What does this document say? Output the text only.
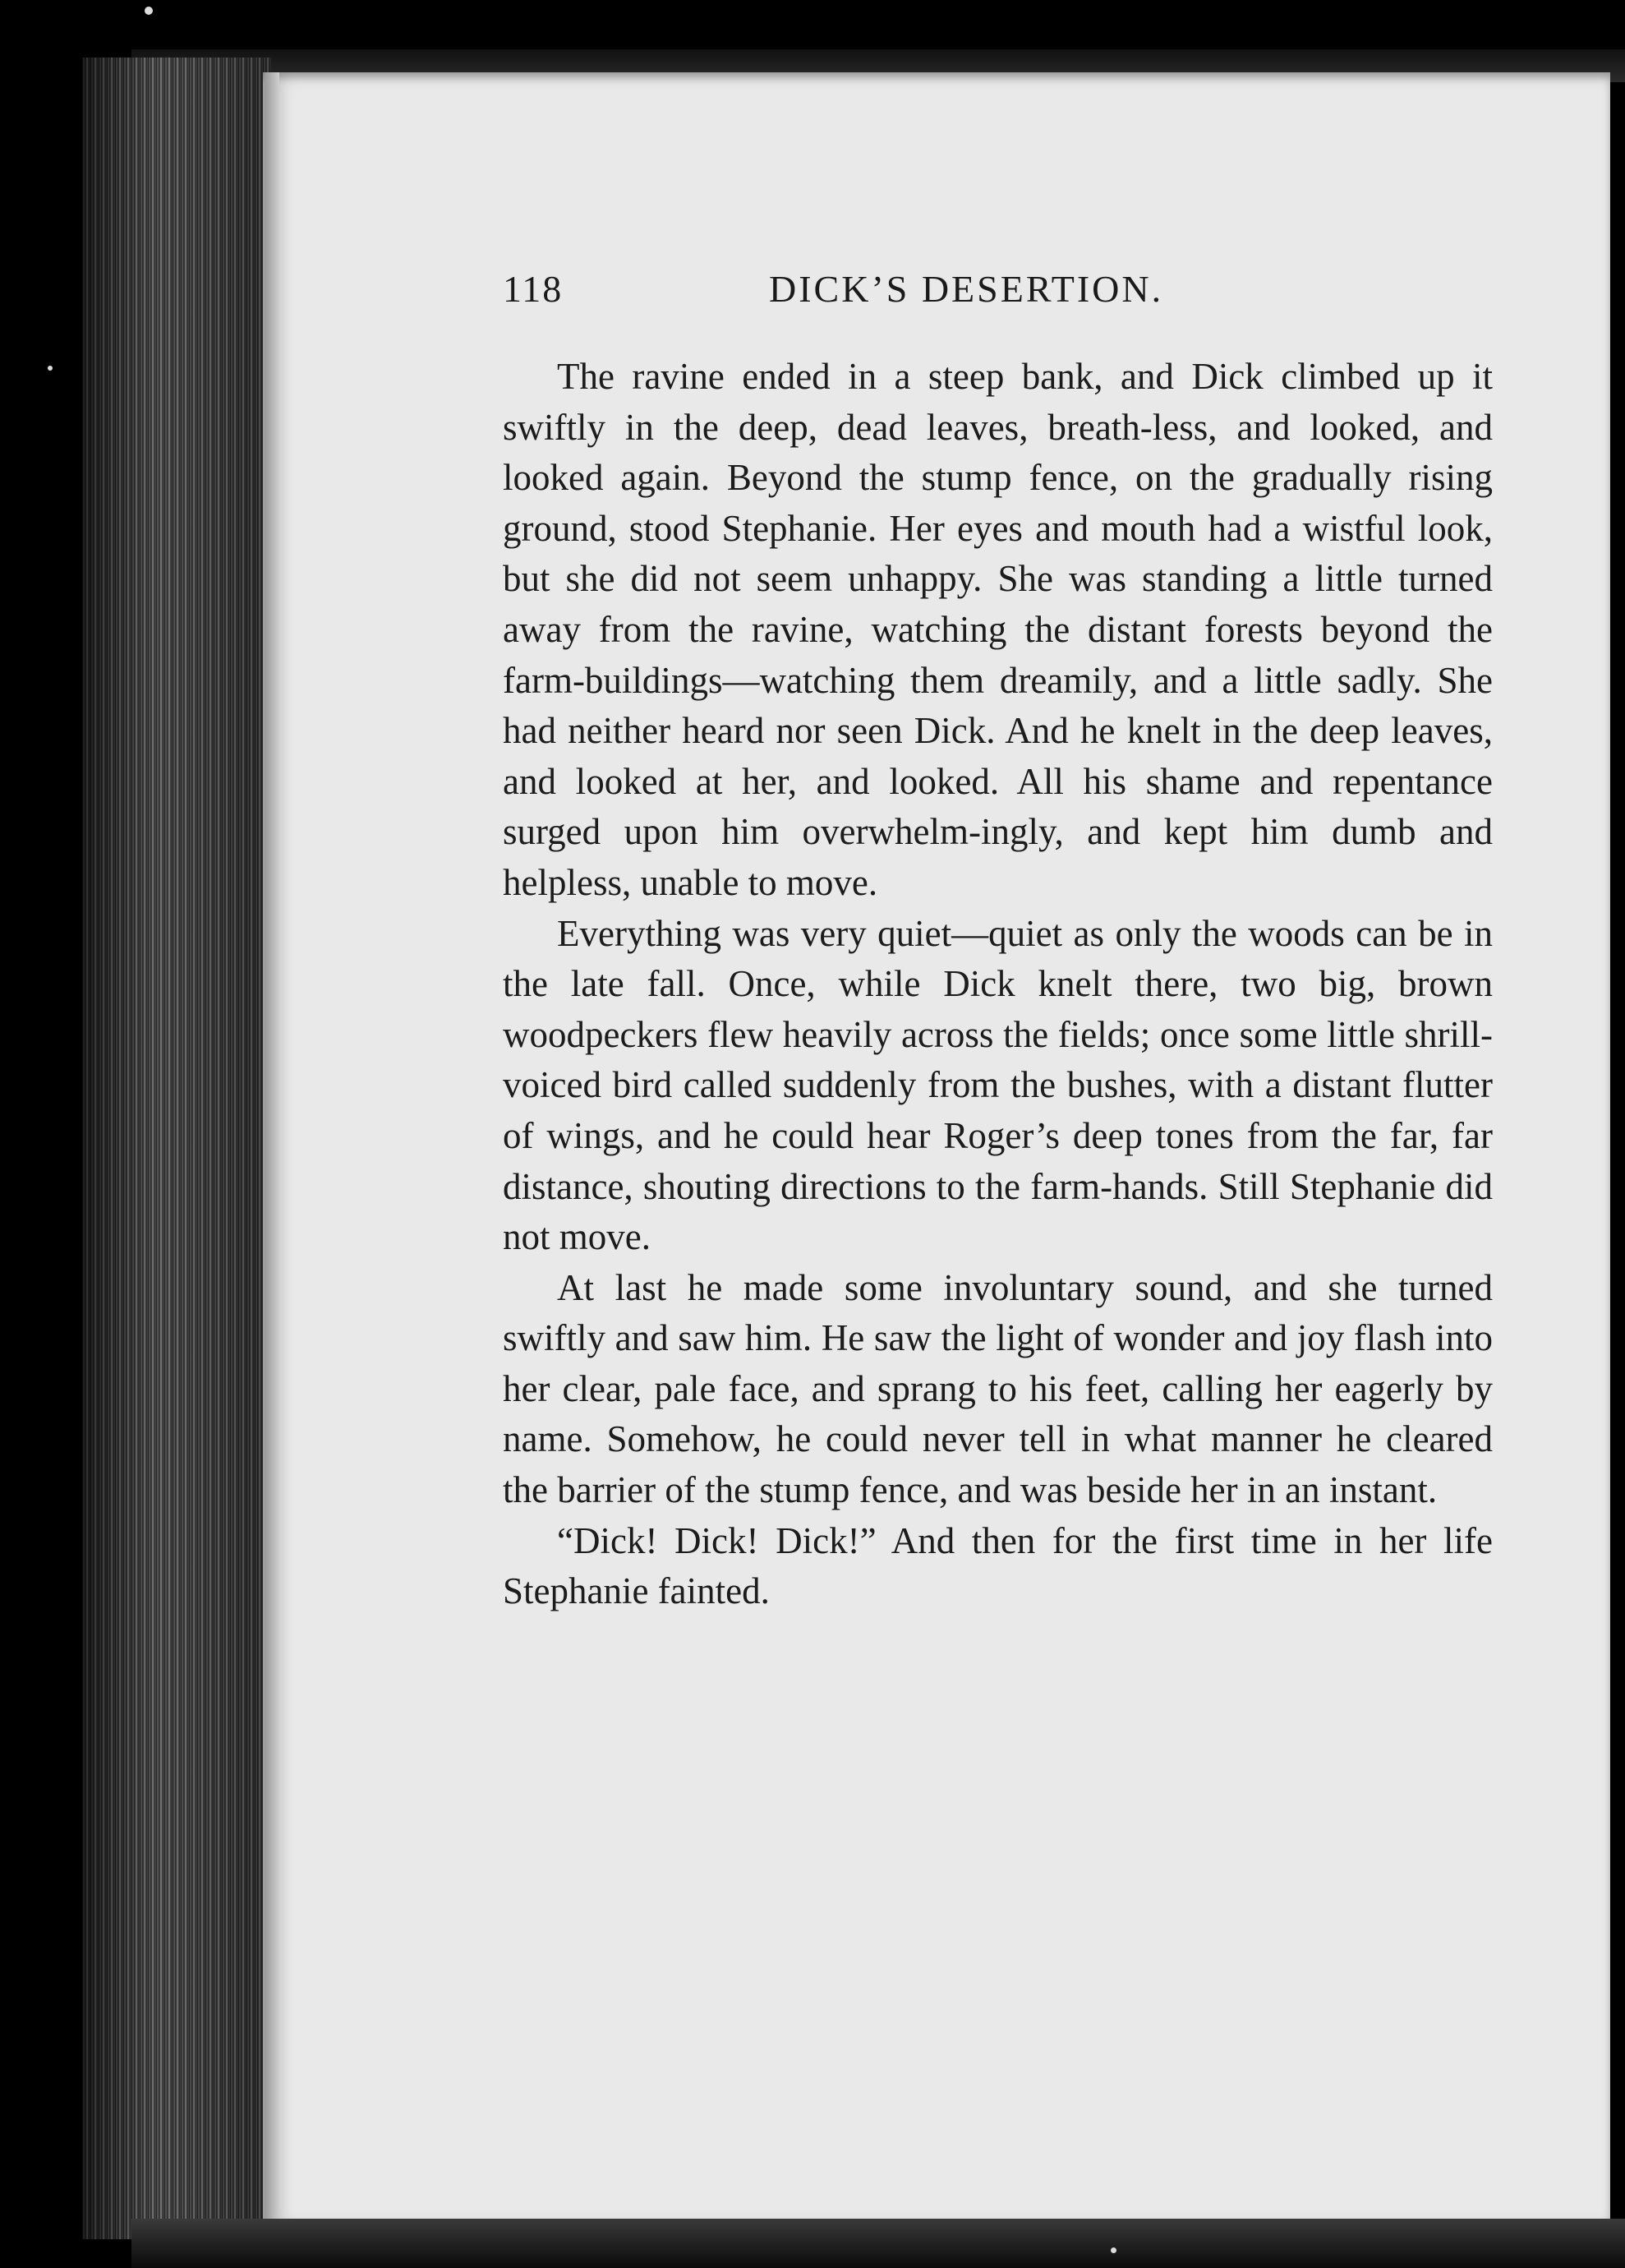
118	DICK’S DESERTION.

The ravine ended in a steep bank, and Dick climbed up it swiftly in the deep, dead leaves, breath-less, and looked, and looked again. Beyond the stump fence, on the gradually rising ground, stood Stephanie. Her eyes and mouth had a wistful look, but she did not seem unhappy. She was standing a little turned away from the ravine, watching the distant forests beyond the farm-buildings—watching them dreamily, and a little sadly. She had neither heard nor seen Dick. And he knelt in the deep leaves, and looked at her, and looked. All his shame and repentance surged upon him overwhelm-ingly, and kept him dumb and helpless, unable to move.

Everything was very quiet—quiet as only the woods can be in the late fall. Once, while Dick knelt there, two big, brown woodpeckers flew heavily across the fields; once some little shrill-voiced bird called suddenly from the bushes, with a distant flutter of wings, and he could hear Roger’s deep tones from the far, far distance, shouting directions to the farm-hands. Still Stephanie did not move.

At last he made some involuntary sound, and she turned swiftly and saw him. He saw the light of wonder and joy flash into her clear, pale face, and sprang to his feet, calling her eagerly by name. Somehow, he could never tell in what manner he cleared the barrier of the stump fence, and was beside her in an instant.

“Dick! Dick! Dick!” And then for the first time in her life Stephanie fainted.
